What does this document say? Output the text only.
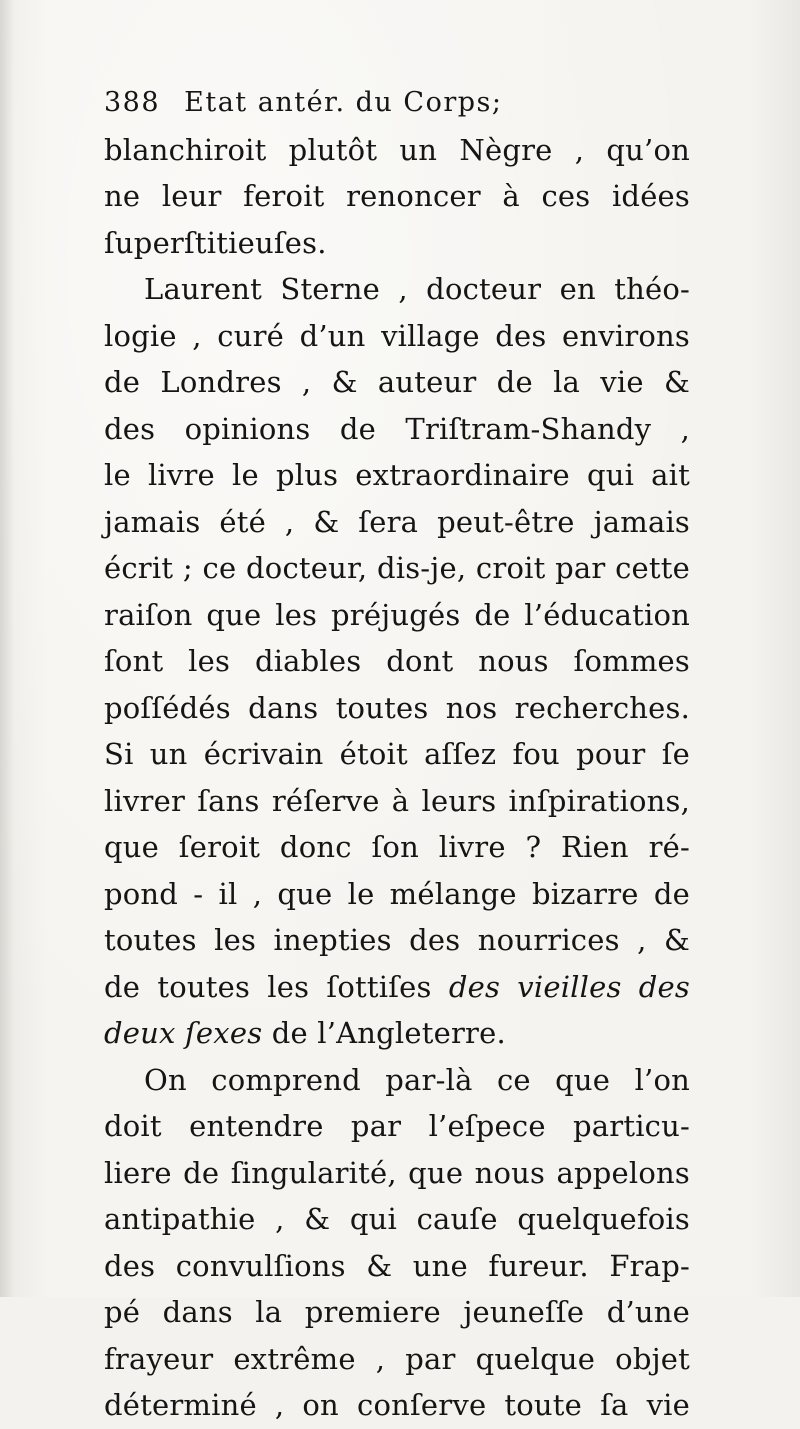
388 Etat antér. du Corps;
blanchiroit plutôt un Nègre , qu’on
ne leur feroit renoncer à ces idées
ſuperſtitieuſes.
Laurent Sterne , docteur en théo-
logie , curé d’un village des environs
de Londres , & auteur de la vie &
des opinions de Triſtram-Shandy ,
le livre le plus extraordinaire qui ait
jamais été , & ſera peut-être jamais
écrit ; ce docteur, dis-je, croit par cette
raiſon que les préjugés de l’éducation
ſont les diables dont nous ſommes
poſſédés dans toutes nos recherches.
Si un écrivain étoit aſſez fou pour ſe
livrer ſans réſerve à leurs inſpirations,
que ſeroit donc ſon livre ? Rien ré-
pond - il , que le mélange bizarre de
toutes les inepties des nourrices , &
de toutes les ſottiſes des vieilles des
deux ſexes de l’Angleterre.
On comprend par-là ce que l’on
doit entendre par l’eſpece particu-
liere de ſingularité, que nous appelons
antipathie , & qui cauſe quelquefois
des convulſions & une fureur. Frap-
pé dans la premiere jeuneſſe d’une
frayeur extrême , par quelque objet
déterminé , on conſerve toute ſa vie
